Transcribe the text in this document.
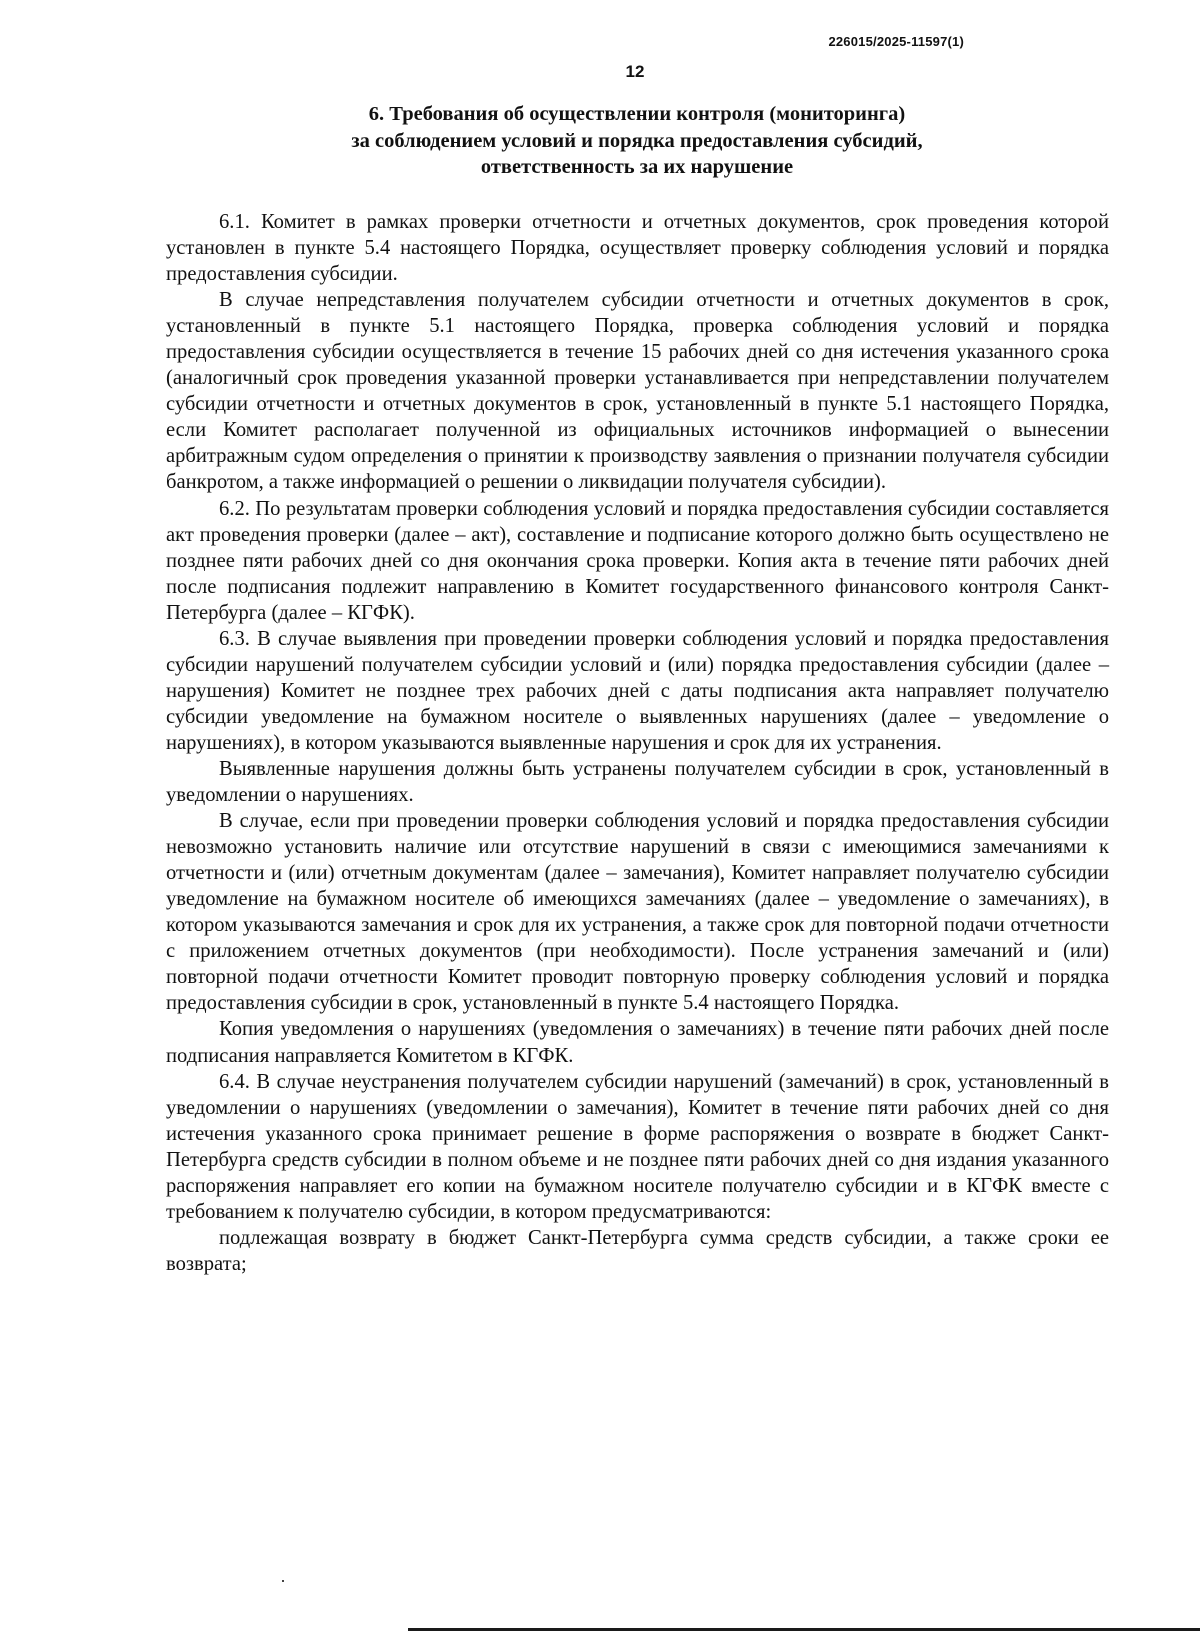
226015/2025-11597(1)
12
6. Требования об осуществлении контроля (мониторинга)
за соблюдением условий и порядка предоставления субсидий,
ответственность за их нарушение

6.1. Комитет в рамках проверки отчетности и отчетных документов, срок проведения которой установлен в пункте 5.4 настоящего Порядка, осуществляет проверку соблюдения условий и порядка предоставления субсидии.

В случае непредставления получателем субсидии отчетности и отчетных документов в срок, установленный в пункте 5.1 настоящего Порядка, проверка соблюдения условий и порядка предоставления субсидии осуществляется в течение 15 рабочих дней со дня истечения указанного срока (аналогичный срок проведения указанной проверки устанавливается при непредставлении получателем субсидии отчетности и отчетных документов в срок, установленный в пункте 5.1 настоящего Порядка, если Комитет располагает полученной из официальных источников информацией о вынесении арбитражным судом определения о принятии к производству заявления о признании получателя субсидии банкротом, а также информацией о решении о ликвидации получателя субсидии).

6.2. По результатам проверки соблюдения условий и порядка предоставления субсидии составляется акт проведения проверки (далее – акт), составление и подписание которого должно быть осуществлено не позднее пяти рабочих дней со дня окончания срока проверки. Копия акта в течение пяти рабочих дней после подписания подлежит направлению в Комитет государственного финансового контроля Санкт-Петербурга (далее – КГФК).

6.3. В случае выявления при проведении проверки соблюдения условий и порядка предоставления субсидии нарушений получателем субсидии условий и (или) порядка предоставления субсидии (далее – нарушения) Комитет не позднее трех рабочих дней с даты подписания акта направляет получателю субсидии уведомление на бумажном носителе о выявленных нарушениях (далее – уведомление о нарушениях), в котором указываются выявленные нарушения и срок для их устранения.

Выявленные нарушения должны быть устранены получателем субсидии в срок, установленный в уведомлении о нарушениях.

В случае, если при проведении проверки соблюдения условий и порядка предоставления субсидии невозможно установить наличие или отсутствие нарушений в связи с имеющимися замечаниями к отчетности и (или) отчетным документам (далее – замечания), Комитет направляет получателю субсидии уведомление на бумажном носителе об имеющихся замечаниях (далее – уведомление о замечаниях), в котором указываются замечания и срок для их устранения, а также срок для повторной подачи отчетности с приложением отчетных документов (при необходимости). После устранения замечаний и (или) повторной подачи отчетности Комитет проводит повторную проверку соблюдения условий и порядка предоставления субсидии в срок, установленный в пункте 5.4 настоящего Порядка.

Копия уведомления о нарушениях (уведомления о замечаниях) в течение пяти рабочих дней после подписания направляется Комитетом в КГФК.

6.4. В случае неустранения получателем субсидии нарушений (замечаний) в срок, установленный в уведомлении о нарушениях (уведомлении о замечания), Комитет в течение пяти рабочих дней со дня истечения указанного срока принимает решение в форме распоряжения о возврате в бюджет Санкт-Петербурга средств субсидии в полном объеме и не позднее пяти рабочих дней со дня издания указанного распоряжения направляет его копии на бумажном носителе получателю субсидии и в КГФК вместе с требованием к получателю субсидии, в котором предусматриваются:

подлежащая возврату в бюджет Санкт-Петербурга сумма средств субсидии, а также сроки ее возврата;
